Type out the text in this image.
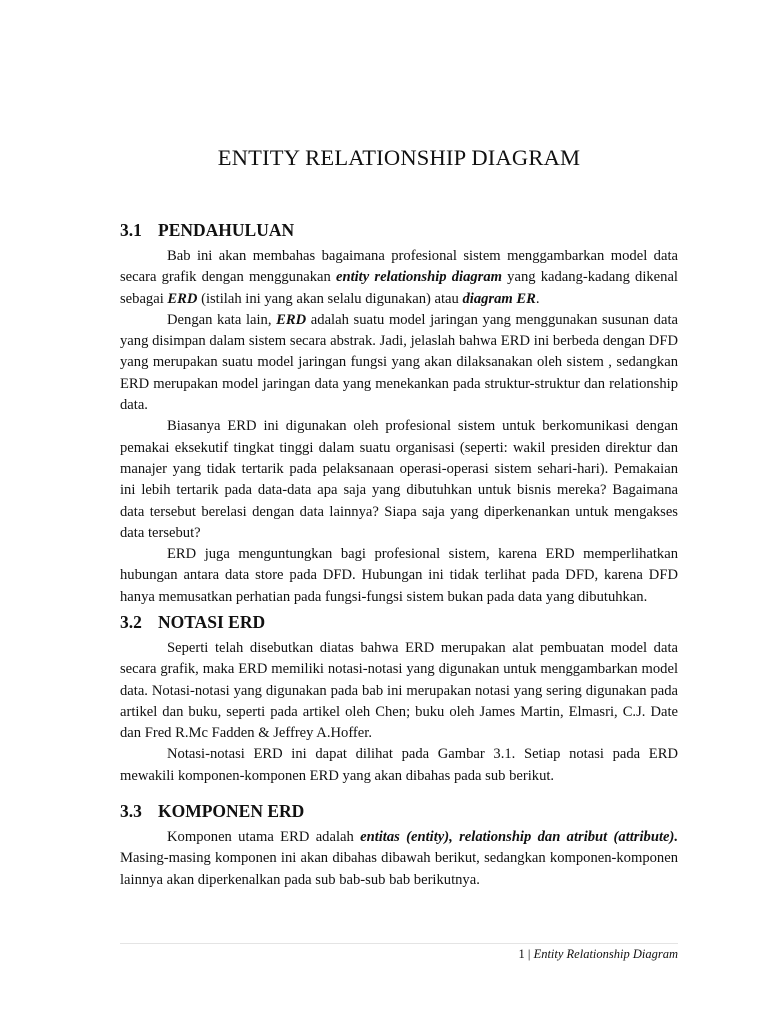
ENTITY RELATIONSHIP DIAGRAM
3.1 PENDAHULUAN

Bab ini akan membahas bagaimana profesional sistem menggambarkan model data secara grafik dengan menggunakan entity relationship diagram yang kadang-kadang dikenal sebagai ERD (istilah ini yang akan selalu digunakan) atau diagram ER.

Dengan kata lain, ERD adalah suatu model jaringan yang menggunakan susunan data yang disimpan dalam sistem secara abstrak. Jadi, jelaslah bahwa ERD ini berbeda dengan DFD yang merupakan suatu model jaringan fungsi yang akan dilaksanakan oleh sistem , sedangkan ERD merupakan model jaringan data yang menekankan pada struktur-struktur dan relationship data.

Biasanya ERD ini digunakan oleh profesional sistem untuk berkomunikasi dengan pemakai eksekutif tingkat tinggi dalam suatu organisasi (seperti: wakil presiden direktur dan manajer yang tidak tertarik pada pelaksanaan operasi-operasi sistem sehari-hari). Pemakaian ini lebih tertarik pada data-data apa saja yang dibutuhkan untuk bisnis mereka? Bagaimana data tersebut berelasi dengan data lainnya? Siapa saja yang diperkenankan untuk mengakses data tersebut?

ERD juga menguntungkan bagi profesional sistem, karena ERD memperlihatkan hubungan antara data store pada DFD. Hubungan ini tidak terlihat pada DFD, karena DFD hanya memusatkan perhatian pada fungsi-fungsi sistem bukan pada data yang dibutuhkan.

3.2 NOTASI ERD

Seperti telah disebutkan diatas bahwa ERD merupakan alat pembuatan model data secara grafik, maka ERD memiliki notasi-notasi yang digunakan untuk menggambarkan model data. Notasi-notasi yang digunakan pada bab ini merupakan notasi yang sering digunakan pada artikel dan buku, seperti pada artikel oleh Chen; buku oleh James Martin, Elmasri, C.J. Date dan Fred R.Mc Fadden & Jeffrey A.Hoffer.

Notasi-notasi ERD ini dapat dilihat pada Gambar 3.1. Setiap notasi pada ERD mewakili komponen-komponen ERD yang akan dibahas pada sub berikut.

3.3 KOMPONEN ERD

Komponen utama ERD adalah entitas (entity), relationship dan atribut (attribute). Masing-masing komponen ini akan dibahas dibawah berikut, sedangkan komponen-komponen lainnya akan diperkenalkan pada sub bab-sub bab berikutnya.

1 | Entity Relationship Diagram
